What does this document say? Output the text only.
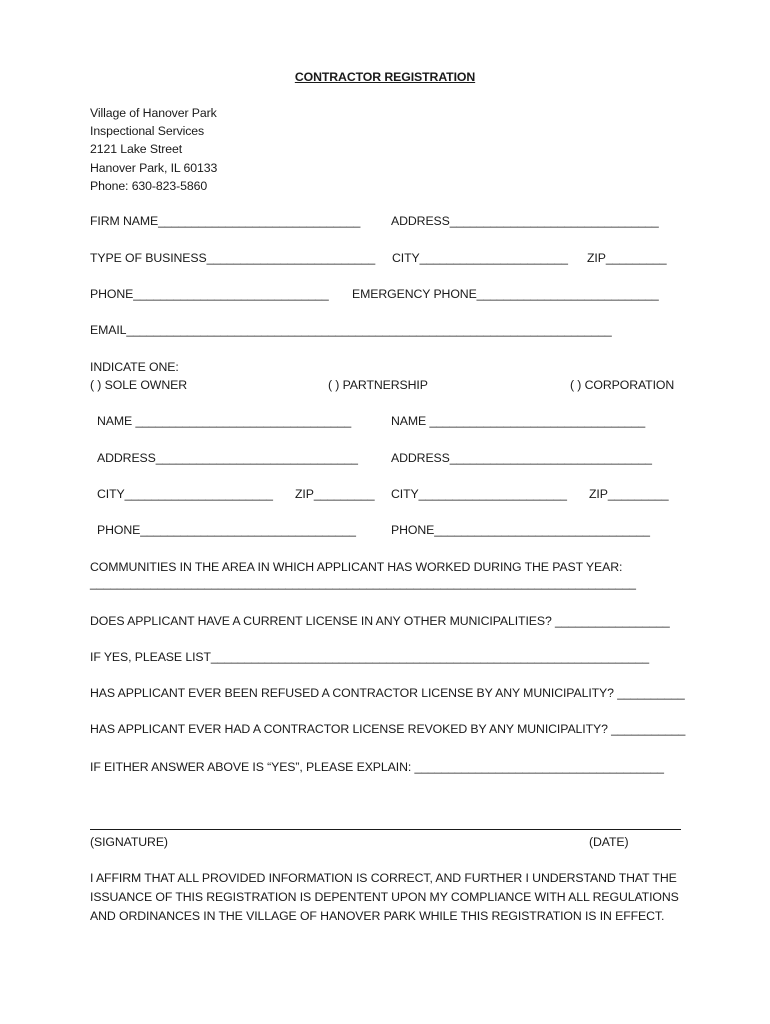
CONTRACTOR REGISTRATION
Village of Hanover Park
Inspectional Services
2121 Lake Street
Hanover Park, IL 60133
Phone: 630-823-5860
FIRM NAME______________________________ ADDRESS_______________________________
TYPE OF BUSINESS_________________________ CITY______________________ ZIP_________
PHONE_____________________________ EMERGENCY PHONE___________________________
EMAIL________________________________________________________________________
INDICATE ONE:
( ) SOLE OWNER	( ) PARTNERSHIP	( ) CORPORATION
NAME ________________________________
ADDRESS______________________________
CITY______________________ ZIP_________
PHONE________________________________
NAME ________________________________
ADDRESS______________________________
CITY______________________ ZIP_________
PHONE________________________________
COMMUNITIES IN THE AREA IN WHICH APPLICANT HAS WORKED DURING THE PAST YEAR:
_________________________________________________________________________________
DOES APPLICANT HAVE A CURRENT LICENSE IN ANY OTHER MUNICIPALITIES? _________________
IF YES, PLEASE LIST_________________________________________________________________
HAS APPLICANT EVER BEEN REFUSED A CONTRACTOR LICENSE BY ANY MUNICIPALITY? __________
HAS APPLICANT EVER HAD A CONTRACTOR LICENSE REVOKED BY ANY MUNICIPALITY? ___________
IF EITHER ANSWER ABOVE IS “YES”, PLEASE EXPLAIN: _____________________________________
(SIGNATURE)	(DATE)
I AFFIRM THAT ALL PROVIDED INFORMATION IS CORRECT, AND FURTHER I UNDERSTAND THAT THE
ISSUANCE OF THIS REGISTRATION IS DEPENTENT UPON MY COMPLIANCE WITH ALL REGULATIONS
AND ORDINANCES IN THE VILLAGE OF HANOVER PARK WHILE THIS REGISTRATION IS IN EFFECT.
